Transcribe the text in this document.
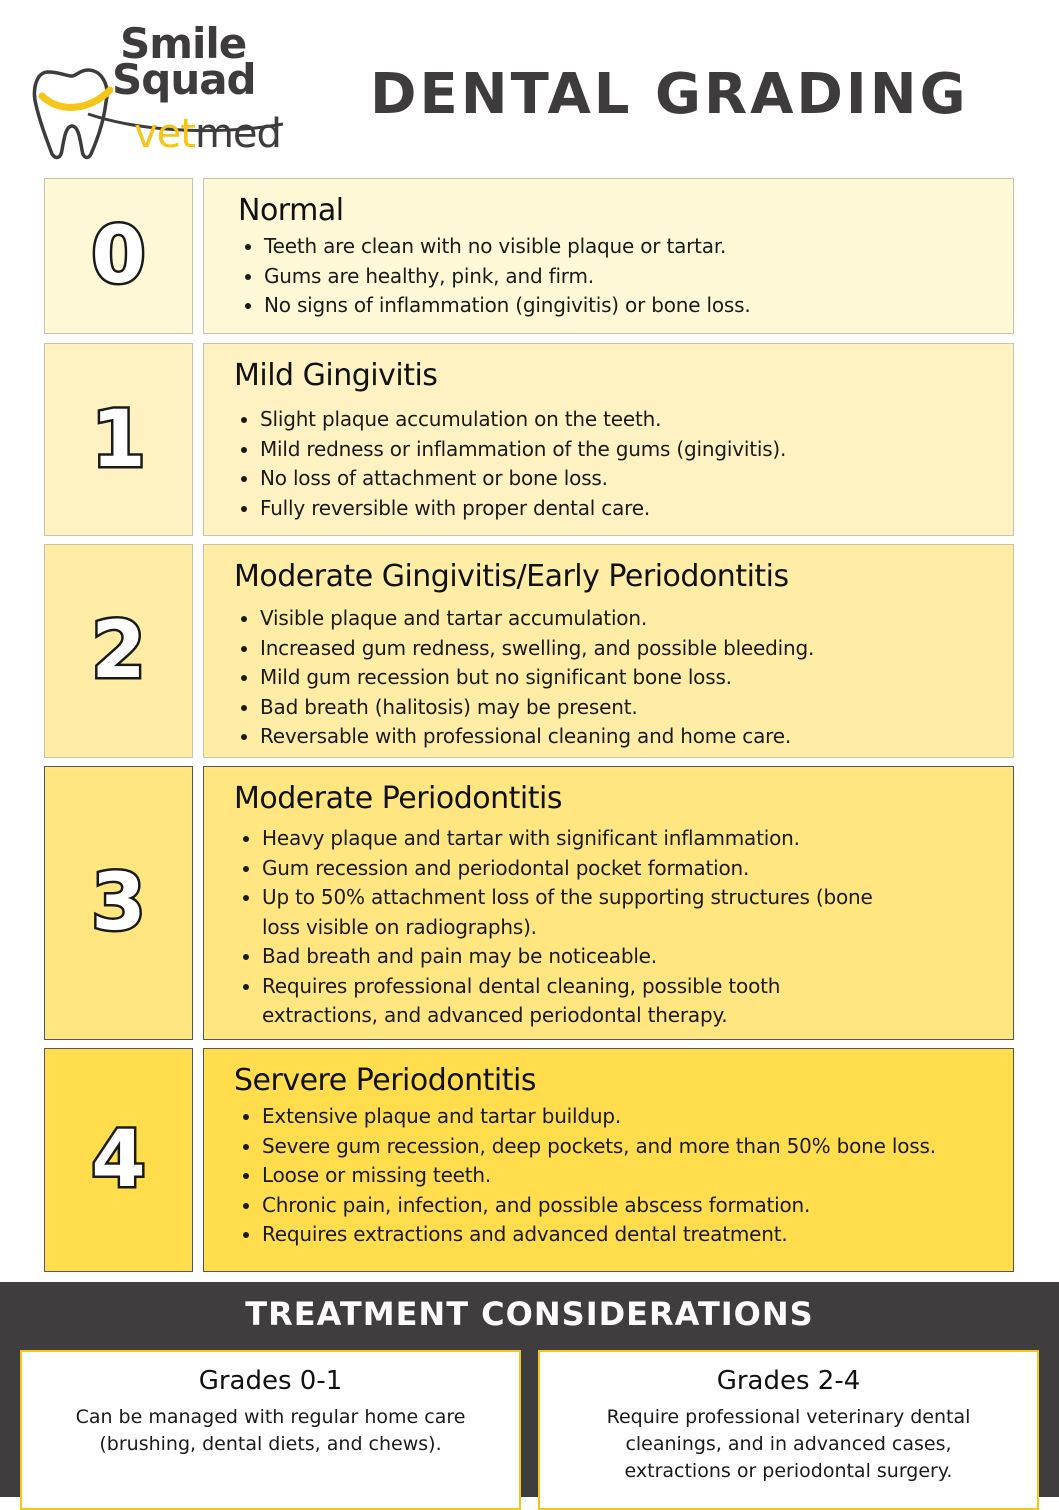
Smile
Squad
vetmed
DENTAL GRADING
0
Normal
• Teeth are clean with no visible plaque or tartar.
• Gums are healthy, pink, and firm.
• No signs of inflammation (gingivitis) or bone loss.
1
Mild Gingivitis
• Slight plaque accumulation on the teeth.
• Mild redness or inflammation of the gums (gingivitis).
• No loss of attachment or bone loss.
• Fully reversible with proper dental care.
2
Moderate Gingivitis/Early Periodontitis
• Visible plaque and tartar accumulation.
• Increased gum redness, swelling, and possible bleeding.
• Mild gum recession but no significant bone loss.
• Bad breath (halitosis) may be present.
• Reversable with professional cleaning and home care.
3
Moderate Periodontitis
• Heavy plaque and tartar with significant inflammation.
• Gum recession and periodontal pocket formation.
• Up to 50% attachment loss of the supporting structures (bone loss visible on radiographs).
• Bad breath and pain may be noticeable.
• Requires professional dental cleaning, possible tooth extractions, and advanced periodontal therapy.
4
Servere Periodontitis
• Extensive plaque and tartar buildup.
• Severe gum recession, deep pockets, and more than 50% bone loss.
• Loose or missing teeth.
• Chronic pain, infection, and possible abscess formation.
• Requires extractions and advanced dental treatment.
TREATMENT CONSIDERATIONS
Grades 0-1

Can be managed with regular home care (brushing, dental diets, and chews).

Grades 2-4

Require professional veterinary dental cleanings, and in advanced cases, extractions or periodontal surgery.
